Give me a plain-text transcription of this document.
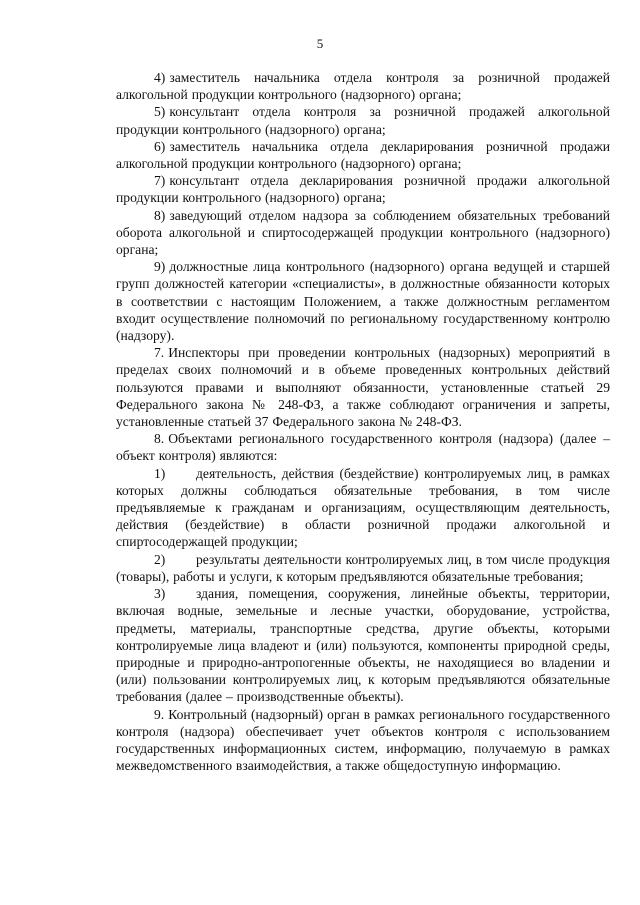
5

4) заместитель начальника отдела контроля за розничной продажей алкогольной продукции контрольного (надзорного) органа;

5) консультант отдела контроля за розничной продажей алкогольной продукции контрольного (надзорного) органа;

6) заместитель начальника отдела декларирования розничной продажи алкогольной продукции контрольного (надзорного) органа;

7) консультант отдела декларирования розничной продажи алкогольной продукции контрольного (надзорного) органа;

8) заведующий отделом надзора за соблюдением обязательных требований оборота алкогольной и спиртосодержащей продукции контрольного (надзорного) органа;

9) должностные лица контрольного (надзорного) органа ведущей и старшей групп должностей категории «специалисты», в должностные обязанности которых в соответствии с настоящим Положением, а также должностным регламентом входит осуществление полномочий по региональному государственному контролю (надзору).

7. Инспекторы при проведении контрольных (надзорных) мероприятий в пределах своих полномочий и в объеме проведенных контрольных действий пользуются правами и выполняют обязанности, установленные статьей 29 Федерального закона № 248-ФЗ, а также соблюдают ограничения и запреты, установленные статьей 37 Федерального закона № 248-ФЗ.

8. Объектами регионального государственного контроля (надзора) (далее – объект контроля) являются:

1) деятельность, действия (бездействие) контролируемых лиц, в рамках которых должны соблюдаться обязательные требования, в том числе предъявляемые к гражданам и организациям, осуществляющим деятельность, действия (бездействие) в области розничной продажи алкогольной и спиртосодержащей продукции;

2) результаты деятельности контролируемых лиц, в том числе продукция (товары), работы и услуги, к которым предъявляются обязательные требования;

3) здания, помещения, сооружения, линейные объекты, территории, включая водные, земельные и лесные участки, оборудование, устройства, предметы, материалы, транспортные средства, другие объекты, которыми контролируемые лица владеют и (или) пользуются, компоненты природной среды, природные и природно-антропогенные объекты, не находящиеся во владении и (или) пользовании контролируемых лиц, к которым предъявляются обязательные требования (далее – производственные объекты).

9. Контрольный (надзорный) орган в рамках регионального государственного контроля (надзора) обеспечивает учет объектов контроля с использованием государственных информационных систем, информацию, получаемую в рамках межведомственного взаимодействия, а также общедоступную информацию.
